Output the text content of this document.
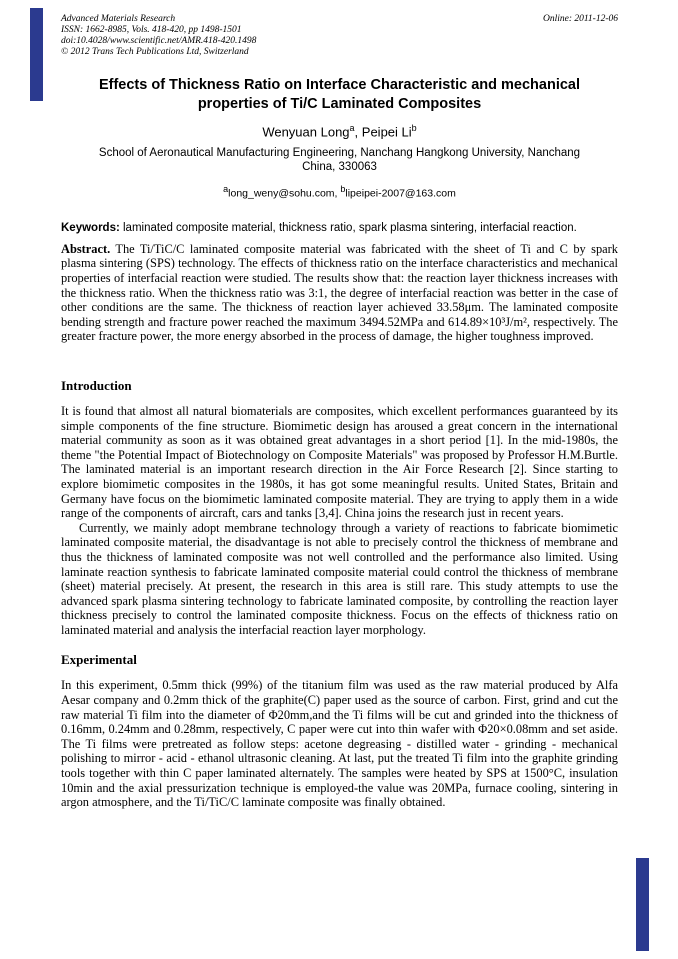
Advanced Materials Research
ISSN: 1662-8985, Vols. 418-420, pp 1498-1501
doi:10.4028/www.scientific.net/AMR.418-420.1498
© 2012 Trans Tech Publications Ltd, Switzerland
Online: 2011-12-06
Effects of Thickness Ratio on Interface Characteristic and mechanical properties of Ti/C Laminated Composites
Wenyuan Long$^a$, Peipei Li$^b$
School of Aeronautical Manufacturing Engineering, Nanchang Hangkong University, Nanchang China, 330063
$^a$long_weny@sohu.com, $^b$lipeipei-2007@163.com

Keywords: laminated composite material, thickness ratio, spark plasma sintering, interfacial reaction.

Abstract. The Ti/TiC/C laminated composite material was fabricated with the sheet of Ti and C by spark plasma sintering (SPS) technology. The effects of thickness ratio on the interface characteristics and mechanical properties of interfacial reaction were studied. The results show that: the reaction layer thickness increases with the thickness ratio. When the thickness ratio was 3:1, the degree of interfacial reaction was better in the case of other conditions are the same. The thickness of reaction layer achieved 33.58μm. The laminated composite bending strength and fracture power reached the maximum 3494.52MPa and 614.89×10³J/m², respectively. The greater fracture power, the more energy absorbed in the process of damage, the higher toughness improved.

Introduction

It is found that almost all natural biomaterials are composites, which excellent performances guaranteed by its simple components of the fine structure. Biomimetic design has aroused a great concern in the international material community as soon as it was obtained great advantages in a short period [1]. In the mid-1980s, the theme "the Potential Impact of Biotechnology on Composite Materials" was proposed by Professor H.M.Burtle. The laminated material is an important research direction in the Air Force Research [2]. Since starting to explore biomimetic composites in the 1980s, it has got some meaningful results. United States, Britain and Germany have focus on the biomimetic laminated composite material. They are trying to apply them in a wide range of the components of aircraft, cars and tanks [3,4]. China joins the research just in recent years.

Currently, we mainly adopt membrane technology through a variety of reactions to fabricate biomimetic laminated composite material, the disadvantage is not able to precisely control the thickness of membrane and thus the thickness of laminated composite was not well controlled and the performance also limited. Using laminate reaction synthesis to fabricate laminated composite material could control the thickness of membrane (sheet) material precisely. At present, the research in this area is still rare. This study attempts to use the advanced spark plasma sintering technology to fabricate laminated composite, by controlling the reaction layer thickness precisely to control the laminated composite thickness. Focus on the effects of thickness ratio on laminated material and analysis the interfacial reaction layer morphology.

Experimental

In this experiment, 0.5mm thick (99%) of the titanium film was used as the raw material produced by Alfa Aesar company and 0.2mm thick of the graphite(C) paper used as the source of carbon. First, grind and cut the raw material Ti film into the diameter of Φ20mm,and the Ti films will be cut and grinded into the thickness of 0.16mm, 0.24mm and 0.28mm, respectively, C paper were cut into thin wafer with Φ20×0.08mm and set aside. The Ti films were pretreated as follow steps: acetone degreasing - distilled water - grinding - mechanical polishing to mirror - acid - ethanol ultrasonic cleaning. At last, put the treated Ti film into the graphite grinding tools together with thin C paper laminated alternately. The samples were heated by SPS at 1500°C, insulation 10min and the axial pressurization technique is employed-the value was 20MPa, furnace cooling, sintering in argon atmosphere, and the Ti/TiC/C laminate composite was finally obtained.
